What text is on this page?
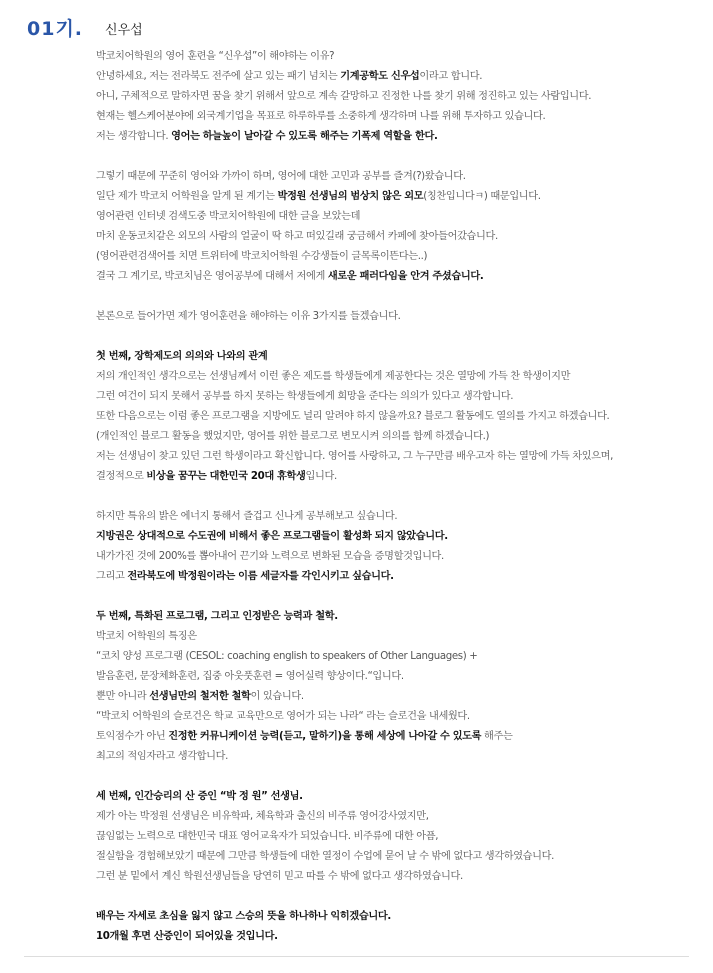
01기. 신우섭
박코치어학원의 영어 훈련을 “신우섭”이 해야하는 이유?
안녕하세요, 저는 전라북도 전주에 살고 있는 패기 넘치는 기계공학도 신우섭이라고 합니다.
아니, 구체적으로 말하자면 꿈을 찾기 위해서 앞으로 계속 갈망하고 진정한 나를 찾기 위해 정진하고 있는 사람입니다.
현재는 헬스케어분야에 외국계기업을 목표로 하루하루를 소중하게 생각하며 나를 위해 투자하고 있습니다.
저는 생각합니다. 영어는 하늘높이 날아갈 수 있도록 해주는 기폭제 역할을 한다.
그렇기 때문에 꾸준히 영어와 가까이 하며, 영어에 대한 고민과 공부를 즐겨(?)왔습니다.
일단 제가 박코치 어학원을 알게 된 계기는 박정원 선생님의 범상치 않은 외모(칭찬입니다ㅋ) 때문입니다.
영어관련 인터넷 검색도중 박코치어학원에 대한 글을 보았는데
마치 운동코치같은 외모의 사람의 얼굴이 딱 하고 떠있길래 궁금해서 카페에 찾아들어갔습니다.
(영어관련검색어를 치면 트위터에 박코치어학원 수강생들이 글목록이뜬다는..)
결국 그 계기로, 박코치님은 영어공부에 대해서 저에게 새로운 패러다임을 안겨 주셨습니다.
본론으로 들어가면 제가 영어훈련을 해야하는 이유 3가지를 들겠습니다.
첫 번째, 장학제도의 의의와 나와의 관계
저의 개인적인 생각으로는 선생님께서 이런 좋은 제도를 학생들에게 제공한다는 것은 열망에 가득 찬 학생이지만
그런 여건이 되지 못해서 공부를 하지 못하는 학생들에게 희망을 준다는 의의가 있다고 생각합니다.
또한 다음으로는 이럼 좋은 프로그램을 지방에도 널리 알려야 하지 않을까요? 블로그 활동에도 열의를 가지고 하겠습니다.
(개인적인 블로그 활동을 했었지만, 영어를 위한 블로그로 변모시켜 의의를 함께 하겠습니다.)
저는 선생님이 찾고 있던 그런 학생이라고 확신합니다. 영어를 사랑하고, 그 누구만큼 배우고자 하는 열망에 가득 차있으며,
결정적으로 비상을 꿈꾸는 대한민국 20대 휴학생입니다.
하지만 특유의 밝은 에너지 통해서 즐겁고 신나게 공부해보고 싶습니다.
지방권은 상대적으로 수도권에 비해서 좋은 프로그램들이 활성화 되지 않았습니다.
내가가진 것에 200%를 뽑아내어 끈기와 노력으로 변화된 모습을 증명할것입니다.
그리고 전라북도에 박정원이라는 이름 세글자를 각인시키고 싶습니다.
두 번째, 특화된 프로그램, 그리고 인정받은 능력과 철학.
박코치 어학원의 특징은
“코치 양성 프로그램 (CESOL: coaching english to speakers of Other Languages) +
발음훈련, 문장체화훈련, 집중 아웃풋훈련 = 영어실력 향상이다.“입니다.
뿐만 아니라 선생님만의 철저한 철학이 있습니다.
“박코치 어학원의 슬로건은 학교 교육만으로 영어가 되는 나라“ 라는 슬로건을 내세웠다.
토익점수가 아닌 진정한 커뮤니케이션 능력(듣고, 말하기)을 통해 세상에 나아갈 수 있도록 해주는
최고의 적임자라고 생각합니다.
세 번째, 인간승리의 산 증인 “박 정 원” 선생님.
제가 아는 박정원 선생님은 비유학파, 체육학과 출신의 비주류 영어강사였지만,
끊임없는 노력으로 대한민국 대표 영어교육자가 되었습니다. 비주류에 대한 아픔,
절실함을 경험해보았기 때문에 그만큼 학생들에 대한 열정이 수업에 묻어 날 수 밖에 없다고 생각하였습니다.
그런 분 밑에서 계신 학원선생님들을 당연히 믿고 따를 수 밖에 없다고 생각하였습니다.
배우는 자세로 초심을 잃지 않고 스승의 뜻을 하나하나 익히겠습니다.
10개월 후면 산증인이 되어있을 것입니다.
